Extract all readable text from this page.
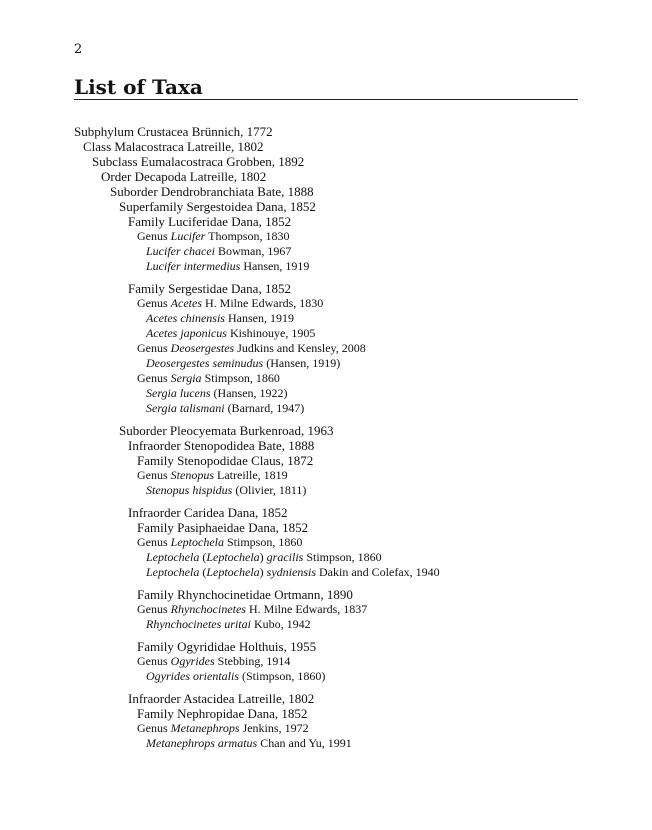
2
List of Taxa
Subphylum Crustacea Brünnich, 1772
Class Malacostraca Latreille, 1802
Subclass Eumalacostraca Grobben, 1892
Order Decapoda Latreille, 1802
Suborder Dendrobranchiata Bate, 1888
Superfamily Sergestoidea Dana, 1852
Family Luciferidae Dana, 1852
Genus Lucifer Thompson, 1830
Lucifer chacei Bowman, 1967
Lucifer intermedius Hansen, 1919
Family Sergestidae Dana, 1852
Genus Acetes H. Milne Edwards, 1830
Acetes chinensis Hansen, 1919
Acetes japonicus Kishinouye, 1905
Genus Deosergestes Judkins and Kensley, 2008
Deosergestes seminudus (Hansen, 1919)
Genus Sergia Stimpson, 1860
Sergia lucens (Hansen, 1922)
Sergia talismani (Barnard, 1947)
Suborder Pleocyemata Burkenroad, 1963
Infraorder Stenopodidea Bate, 1888
Family Stenopodidae Claus, 1872
Genus Stenopus Latreille, 1819
Stenopus hispidus (Olivier, 1811)
Infraorder Caridea Dana, 1852
Family Pasiphaeidae Dana, 1852
Genus Leptochela Stimpson, 1860
Leptochela (Leptochela) gracilis Stimpson, 1860
Leptochela (Leptochela) sydniensis Dakin and Colefax, 1940
Family Rhynchocinetidae Ortmann, 1890
Genus Rhynchocinetes H. Milne Edwards, 1837
Rhynchocinetes uritai Kubo, 1942
Family Ogyrididae Holthuis, 1955
Genus Ogyrides Stebbing, 1914
Ogyrides orientalis (Stimpson, 1860)
Infraorder Astacidea Latreille, 1802
Family Nephropidae Dana, 1852
Genus Metanephrops Jenkins, 1972
Metanephrops armatus Chan and Yu, 1991
